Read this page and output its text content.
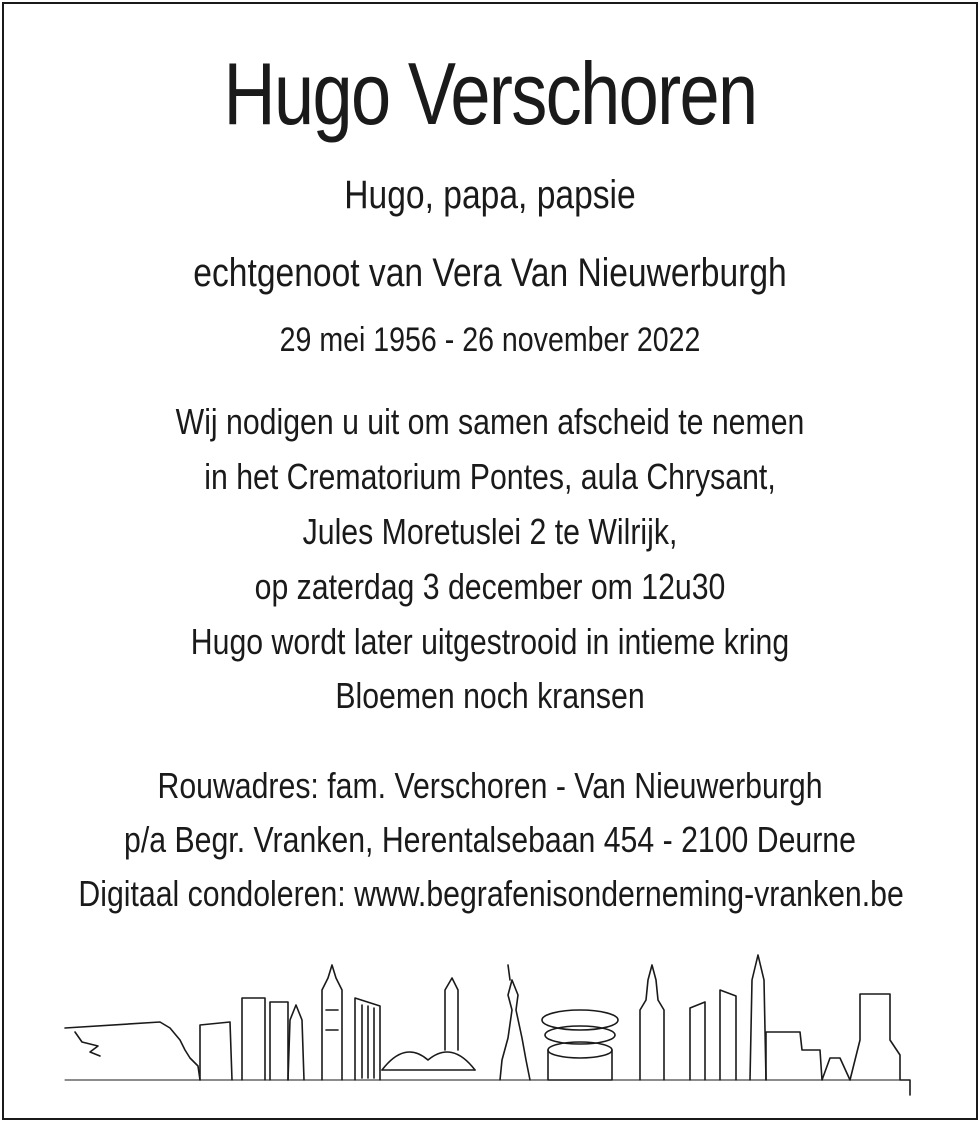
Hugo Verschoren
Hugo, papa, papsie
echtgenoot van Vera Van Nieuwerburgh
29 mei 1956 - 26 november 2022
Wij nodigen u uit om samen afscheid te nemen
in het Crematorium Pontes, aula Chrysant,
Jules Moretuslei 2 te Wilrijk,
op zaterdag 3 december om 12u30
Hugo wordt later uitgestrooid in intieme kring
Bloemen noch kransen
Rouwadres: fam. Verschoren - Van Nieuwerburgh
p/a Begr. Vranken, Herentalsebaan 454 - 2100 Deurne
Digitaal condoleren: www.begrafenisonderneming-vranken.be
